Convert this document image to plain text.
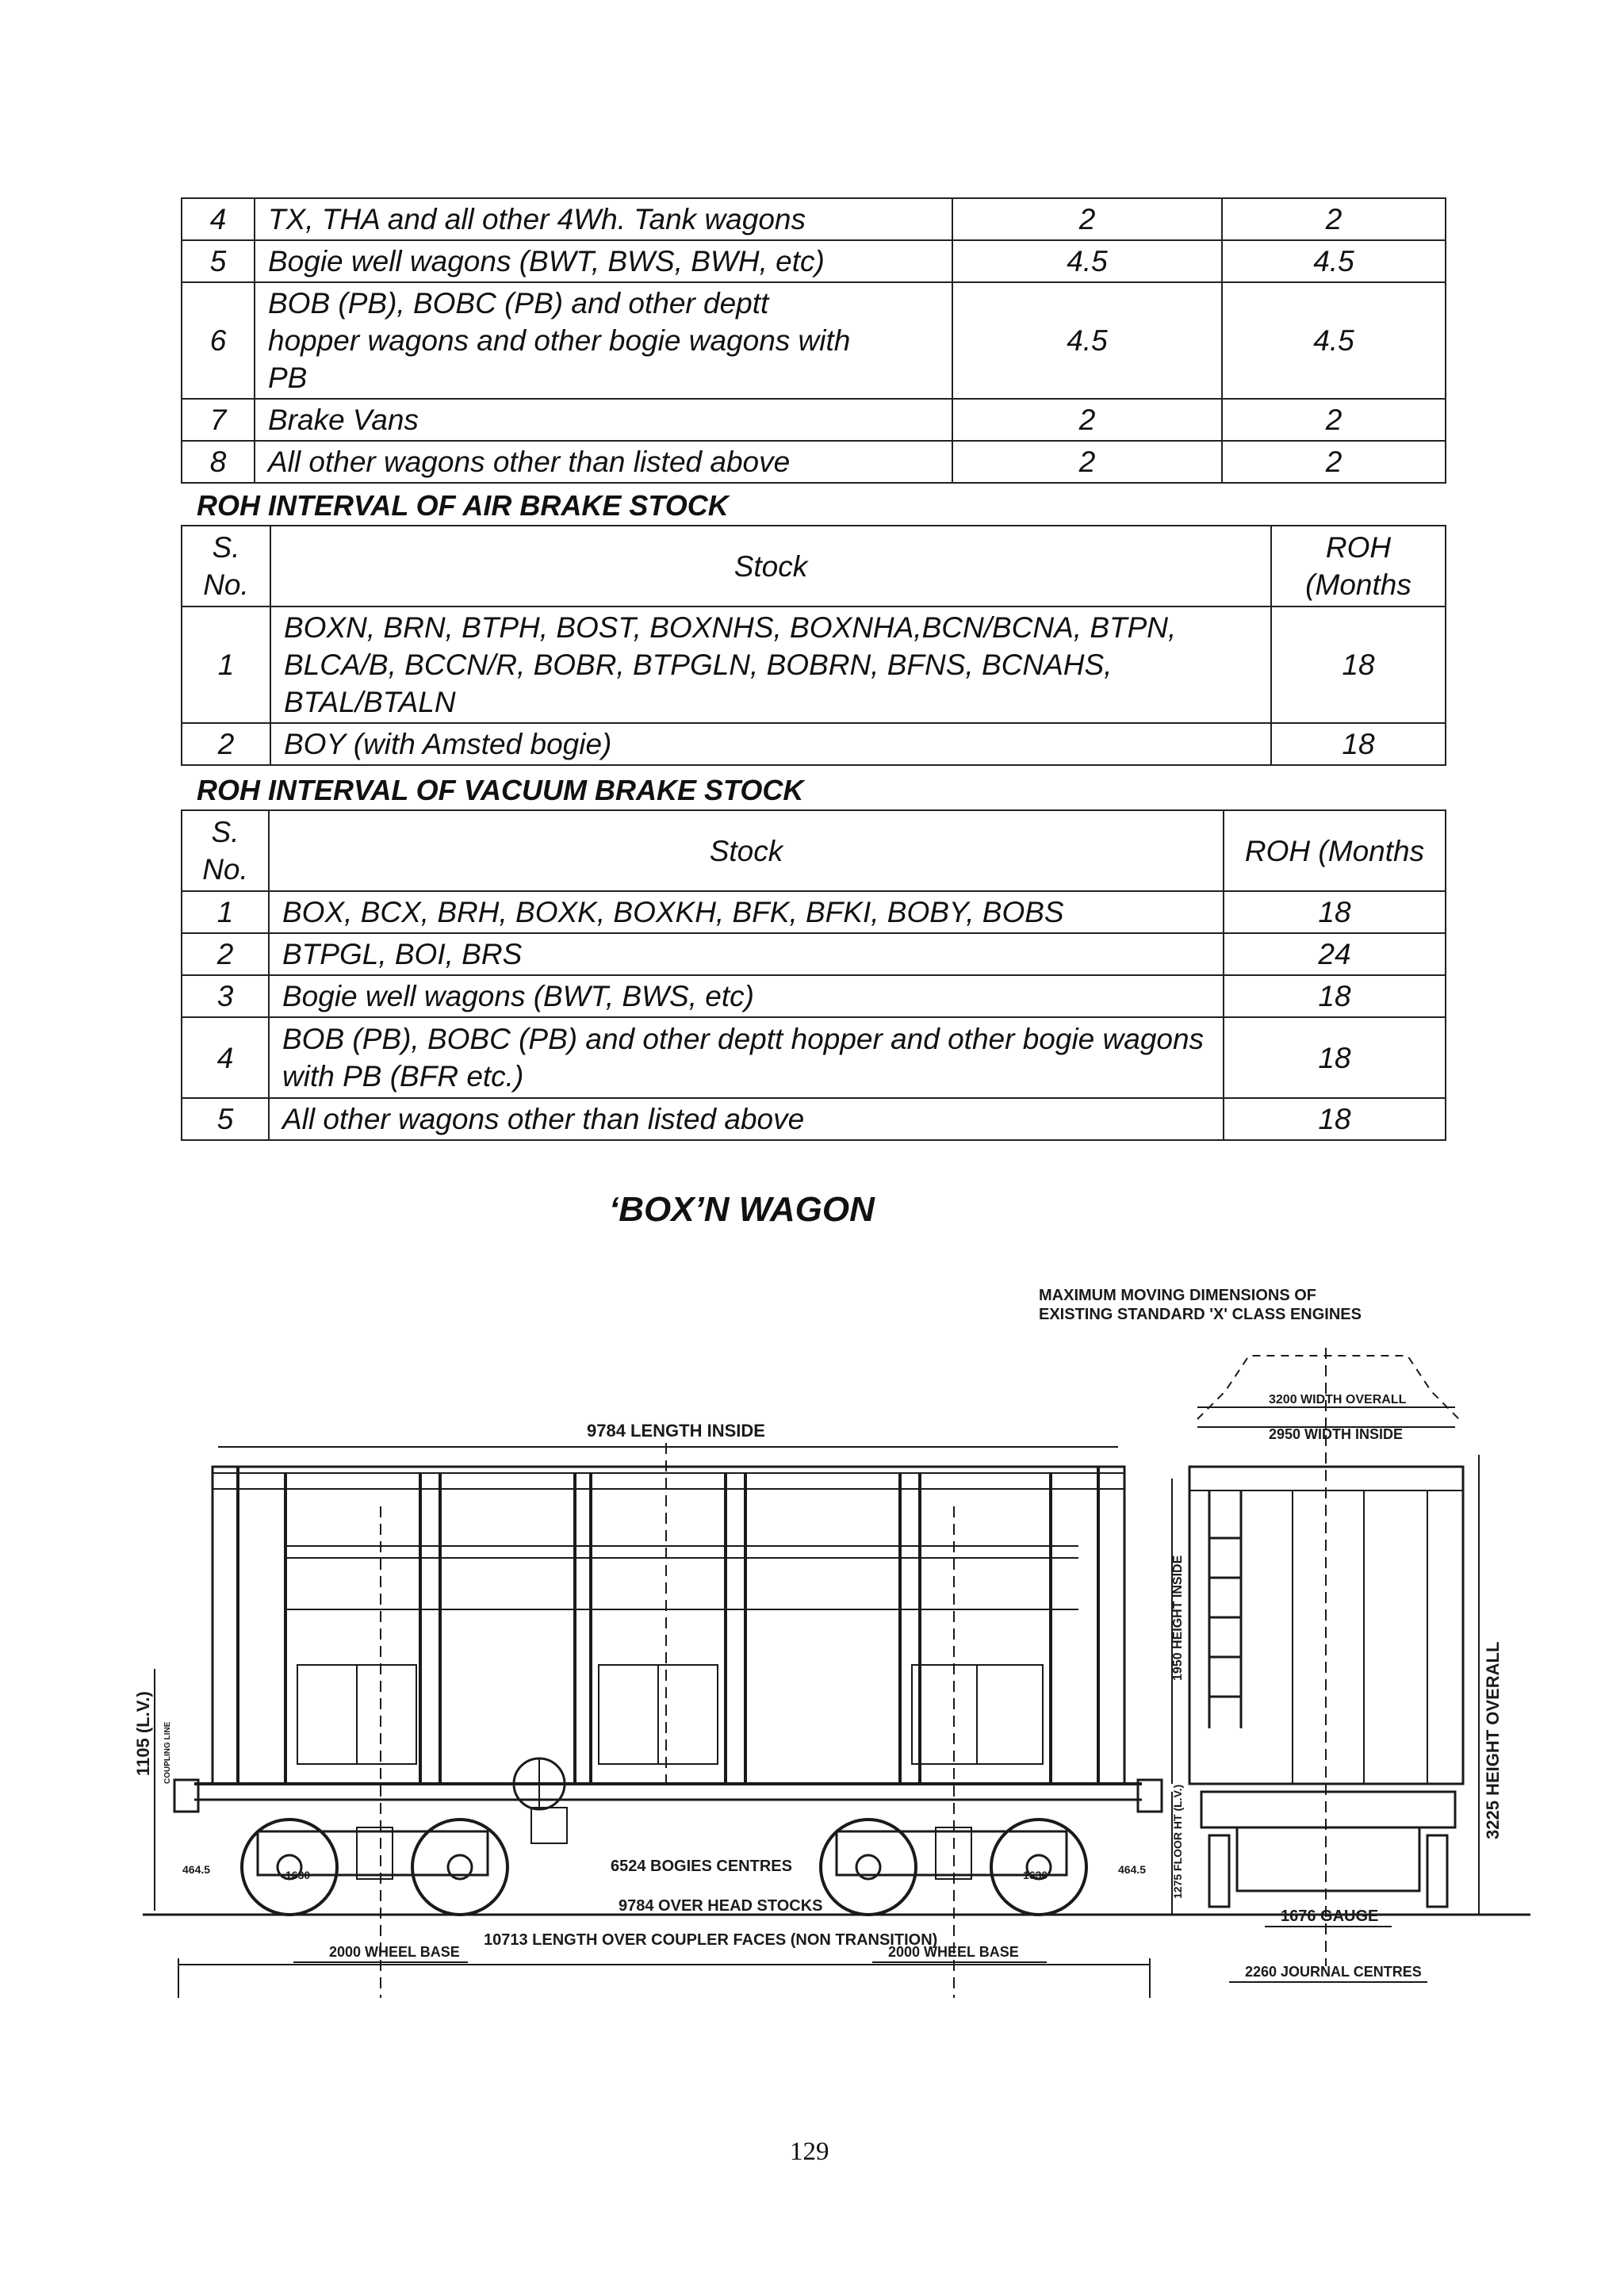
4	TX, THA and all other 4Wh. Tank wagons	2	2
5	Bogie well wagons (BWT, BWS, BWH, etc)	4.5	4.5
6	BOB (PB), BOBC (PB) and other deptt hopper wagons and other bogie wagons with PB	4.5	4.5
7	Brake Vans	2	2
8	All other wagons other than listed above	2	2
ROH INTERVAL OF AIR BRAKE STOCK
S. No.	Stock	ROH (Months
1	BOXN, BRN, BTPH, BOST, BOXNHS, BOXNHA,BCN/BCNA, BTPN, BLCA/B, BCCN/R, BOBR, BTPGLN, BOBRN, BFNS, BCNAHS, BTAL/BTALN	18
2	BOY (with Amsted bogie)	18
ROH INTERVAL OF VACUUM BRAKE STOCK
S. No.	Stock	ROH (Months
1	BOX, BCX, BRH, BOXK, BOXKH, BFK, BFKI, BOBY, BOBS	18
2	BTPGL, BOI, BRS	24
3	Bogie well wagons (BWT, BWS, etc)	18
4	BOB (PB), BOBC (PB) and other deptt hopper and other bogie wagons with PB (BFR etc.)	18
5	All other wagons other than listed above	18
‘BOX’N WAGON
MAXIMUM MOVING DIMENSIONS OF
EXISTING STANDARD 'X' CLASS ENGINES
9784 LENGTH INSIDE
3200 WIDTH OVERALL
2950 WIDTH INSIDE
1950 HEIGHT INSIDE
3225 HEIGHT OVERALL
1275 FLOOR HT (L.V.)
1105 (L.V.) COUPLING LINE
2000 WHEEL BASE	2000 WHEEL BASE
1676 GAUGE
2260 JOURNAL CENTRES
464.5	464.5
1630	1630
6524 BOGIES CENTRES
9784 OVER HEAD STOCKS
10713 LENGTH OVER COUPLER FACES (NON TRANSITION)
129
